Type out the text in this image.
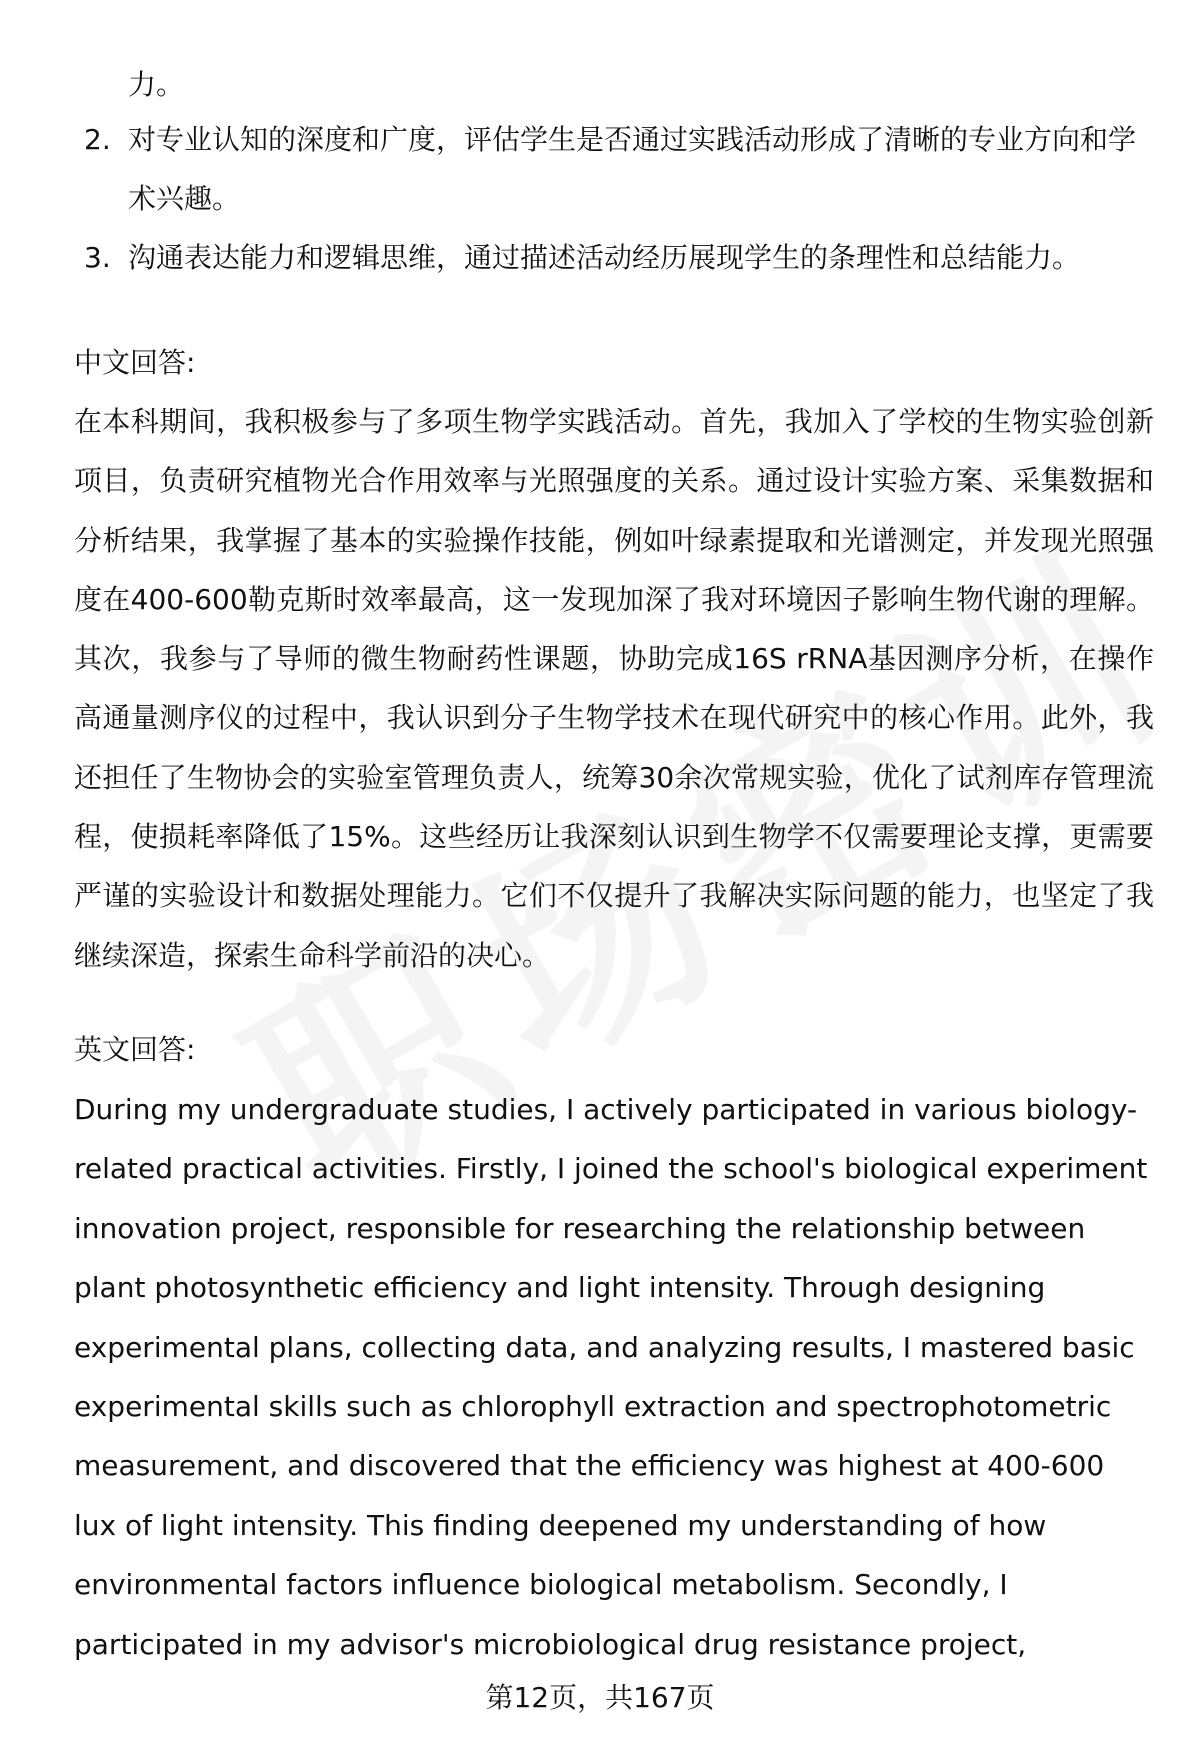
力。
2. 对专业认知的深度和广度，评估学生是否通过实践活动形成了清晰的专业方向和学术兴趣。
3. 沟通表达能力和逻辑思维，通过描述活动经历展现学生的条理性和总结能力。
中文回答:
在本科期间，我积极参与了多项生物学实践活动。首先，我加入了学校的生物实验创新项目，负责研究植物光合作用效率与光照强度的关系。通过设计实验方案、采集数据和分析结果，我掌握了基本的实验操作技能，例如叶绿素提取和光谱测定，并发现光照强度在400-600勒克斯时效率最高，这一发现加深了我对环境因子影响生物代谢的理解。其次，我参与了导师的微生物耐药性课题，协助完成16S rRNA基因测序分析，在操作高通量测序仪的过程中，我认识到分子生物学技术在现代研究中的核心作用。此外，我还担任了生物协会的实验室管理负责人，统筹30余次常规实验，优化了试剂库存管理流程，使损耗率降低了15%。这些经历让我深刻认识到生物学不仅需要理论支撑，更需要严谨的实验设计和数据处理能力。它们不仅提升了我解决实际问题的能力，也坚定了我继续深造，探索生命科学前沿的决心。
英文回答:
During my undergraduate studies, I actively participated in various biology-related practical activities. Firstly, I joined the school's biological experiment innovation project, responsible for researching the relationship between plant photosynthetic efficiency and light intensity. Through designing experimental plans, collecting data, and analyzing results, I mastered basic experimental skills such as chlorophyll extraction and spectrophotometric measurement, and discovered that the efficiency was highest at 400-600 lux of light intensity. This finding deepened my understanding of how environmental factors influence biological metabolism. Secondly, I participated in my advisor's microbiological drug resistance project,
第12页，共167页
